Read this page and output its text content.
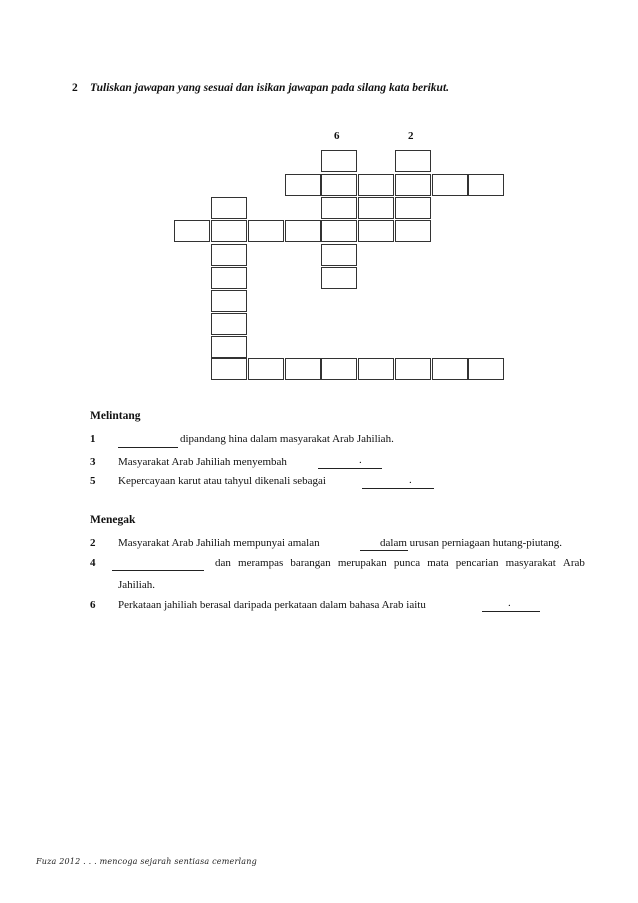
2 Tuliskan jawapan yang sesuai dan isikan jawapan pada silang kata berikut.
6	2
Melintang
1	dipandang hina dalam masyarakat Arab Jahiliah.
3 Masyarakat Arab Jahiliah menyembah	.
5 Kepercayaan karut atau tahyul dikenali sebagai	.
Menegak
2 Masyarakat Arab Jahiliah mempunyai amalan	dalam urusan perniagaan hutang-piutang.
4	dan merampas barangan merupakan punca mata pencarian masyarakat Arab
Jahiliah.
6 Perkataan jahiliah berasal daripada perkataan dalam bahasa Arab iaitu	.
Fuza 2012 . . . mencoga sejarah sentiasa cemerlang
